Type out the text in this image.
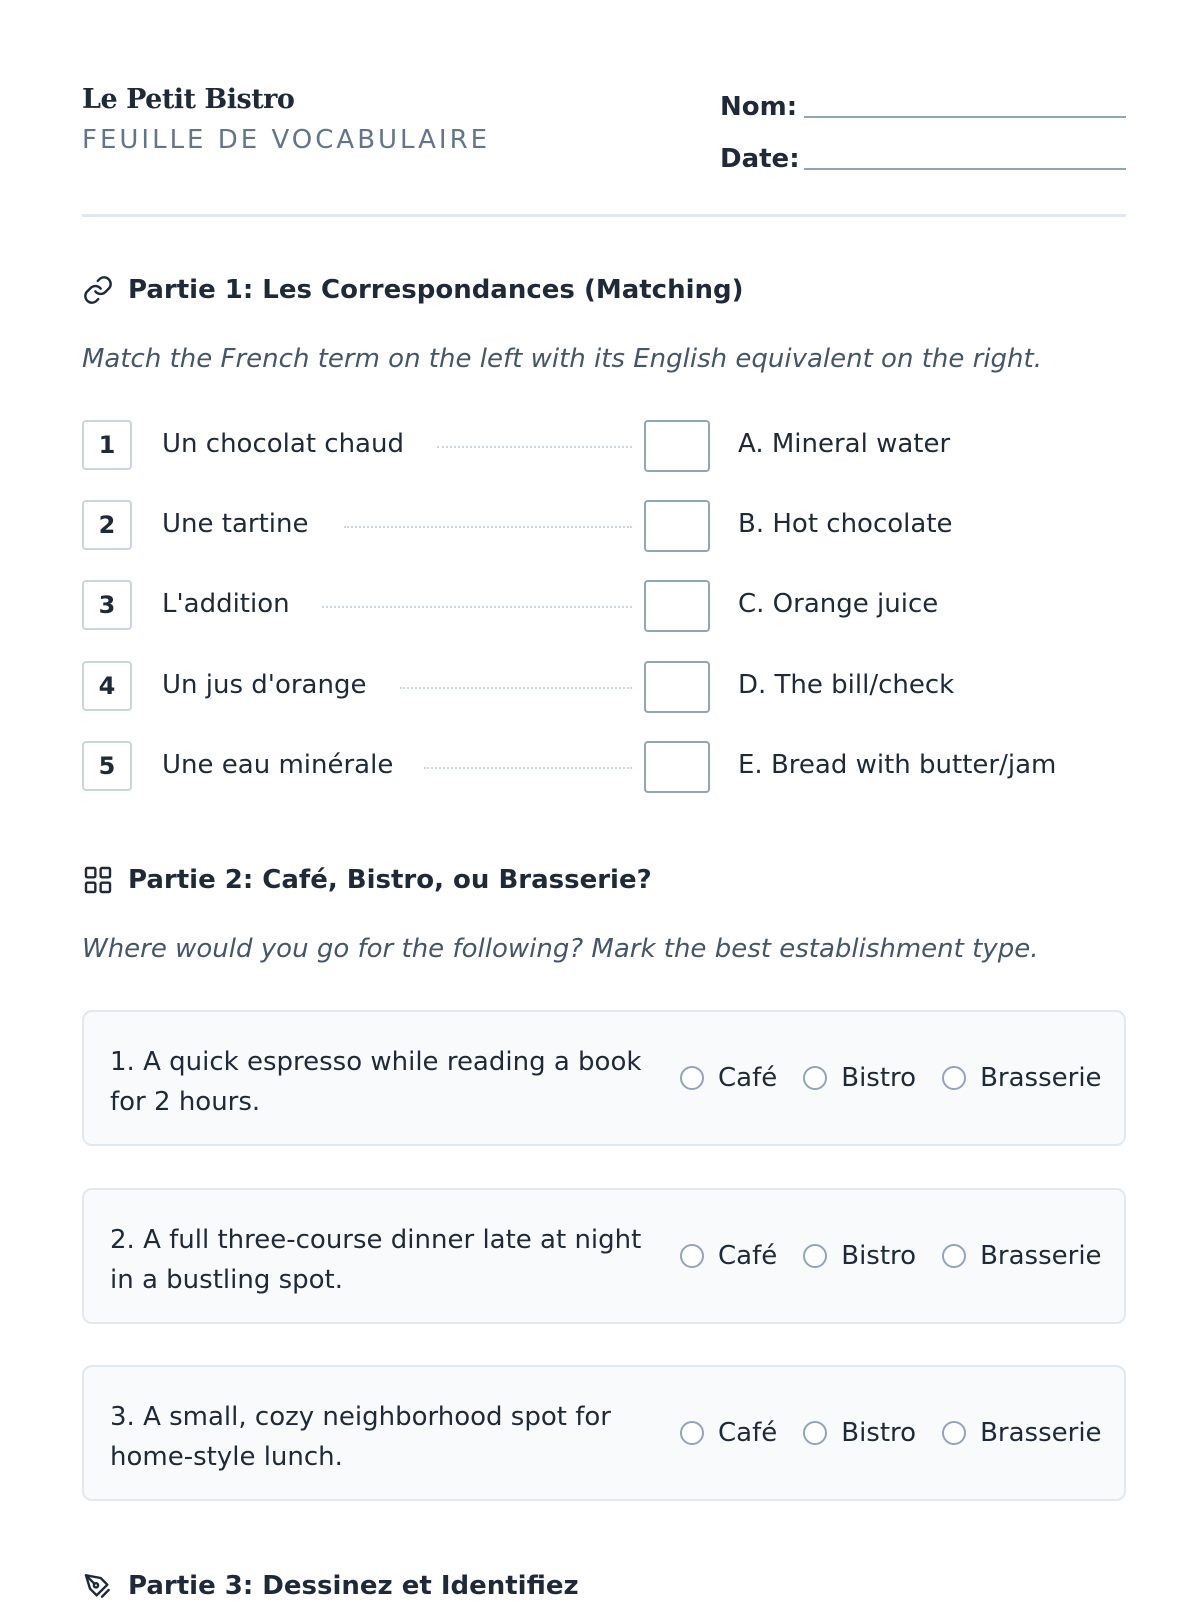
Le Petit Bistro
FEUILLE DE VOCABULAIRE
Nom:
Date:
Partie 1: Les Correspondances (Matching)
Match the French term on the left with its English equivalent on the right.
1	Un chocolat chaud	A. Mineral water
2	Une tartine	B. Hot chocolate
3	L'addition	C. Orange juice
4	Un jus d'orange	D. The bill/check
5	Une eau minérale	E. Bread with butter/jam
Partie 2: Café, Bistro, ou Brasserie?
Where would you go for the following? Mark the best establishment type.
1. A quick espresso while reading a book for 2 hours.
Café Bistro Brasserie
2. A full three-course dinner late at night in a bustling spot.
Café Bistro Brasserie
3. A small, cozy neighborhood spot for home-style lunch.
Café Bistro Brasserie
Partie 3: Dessinez et Identifiez
